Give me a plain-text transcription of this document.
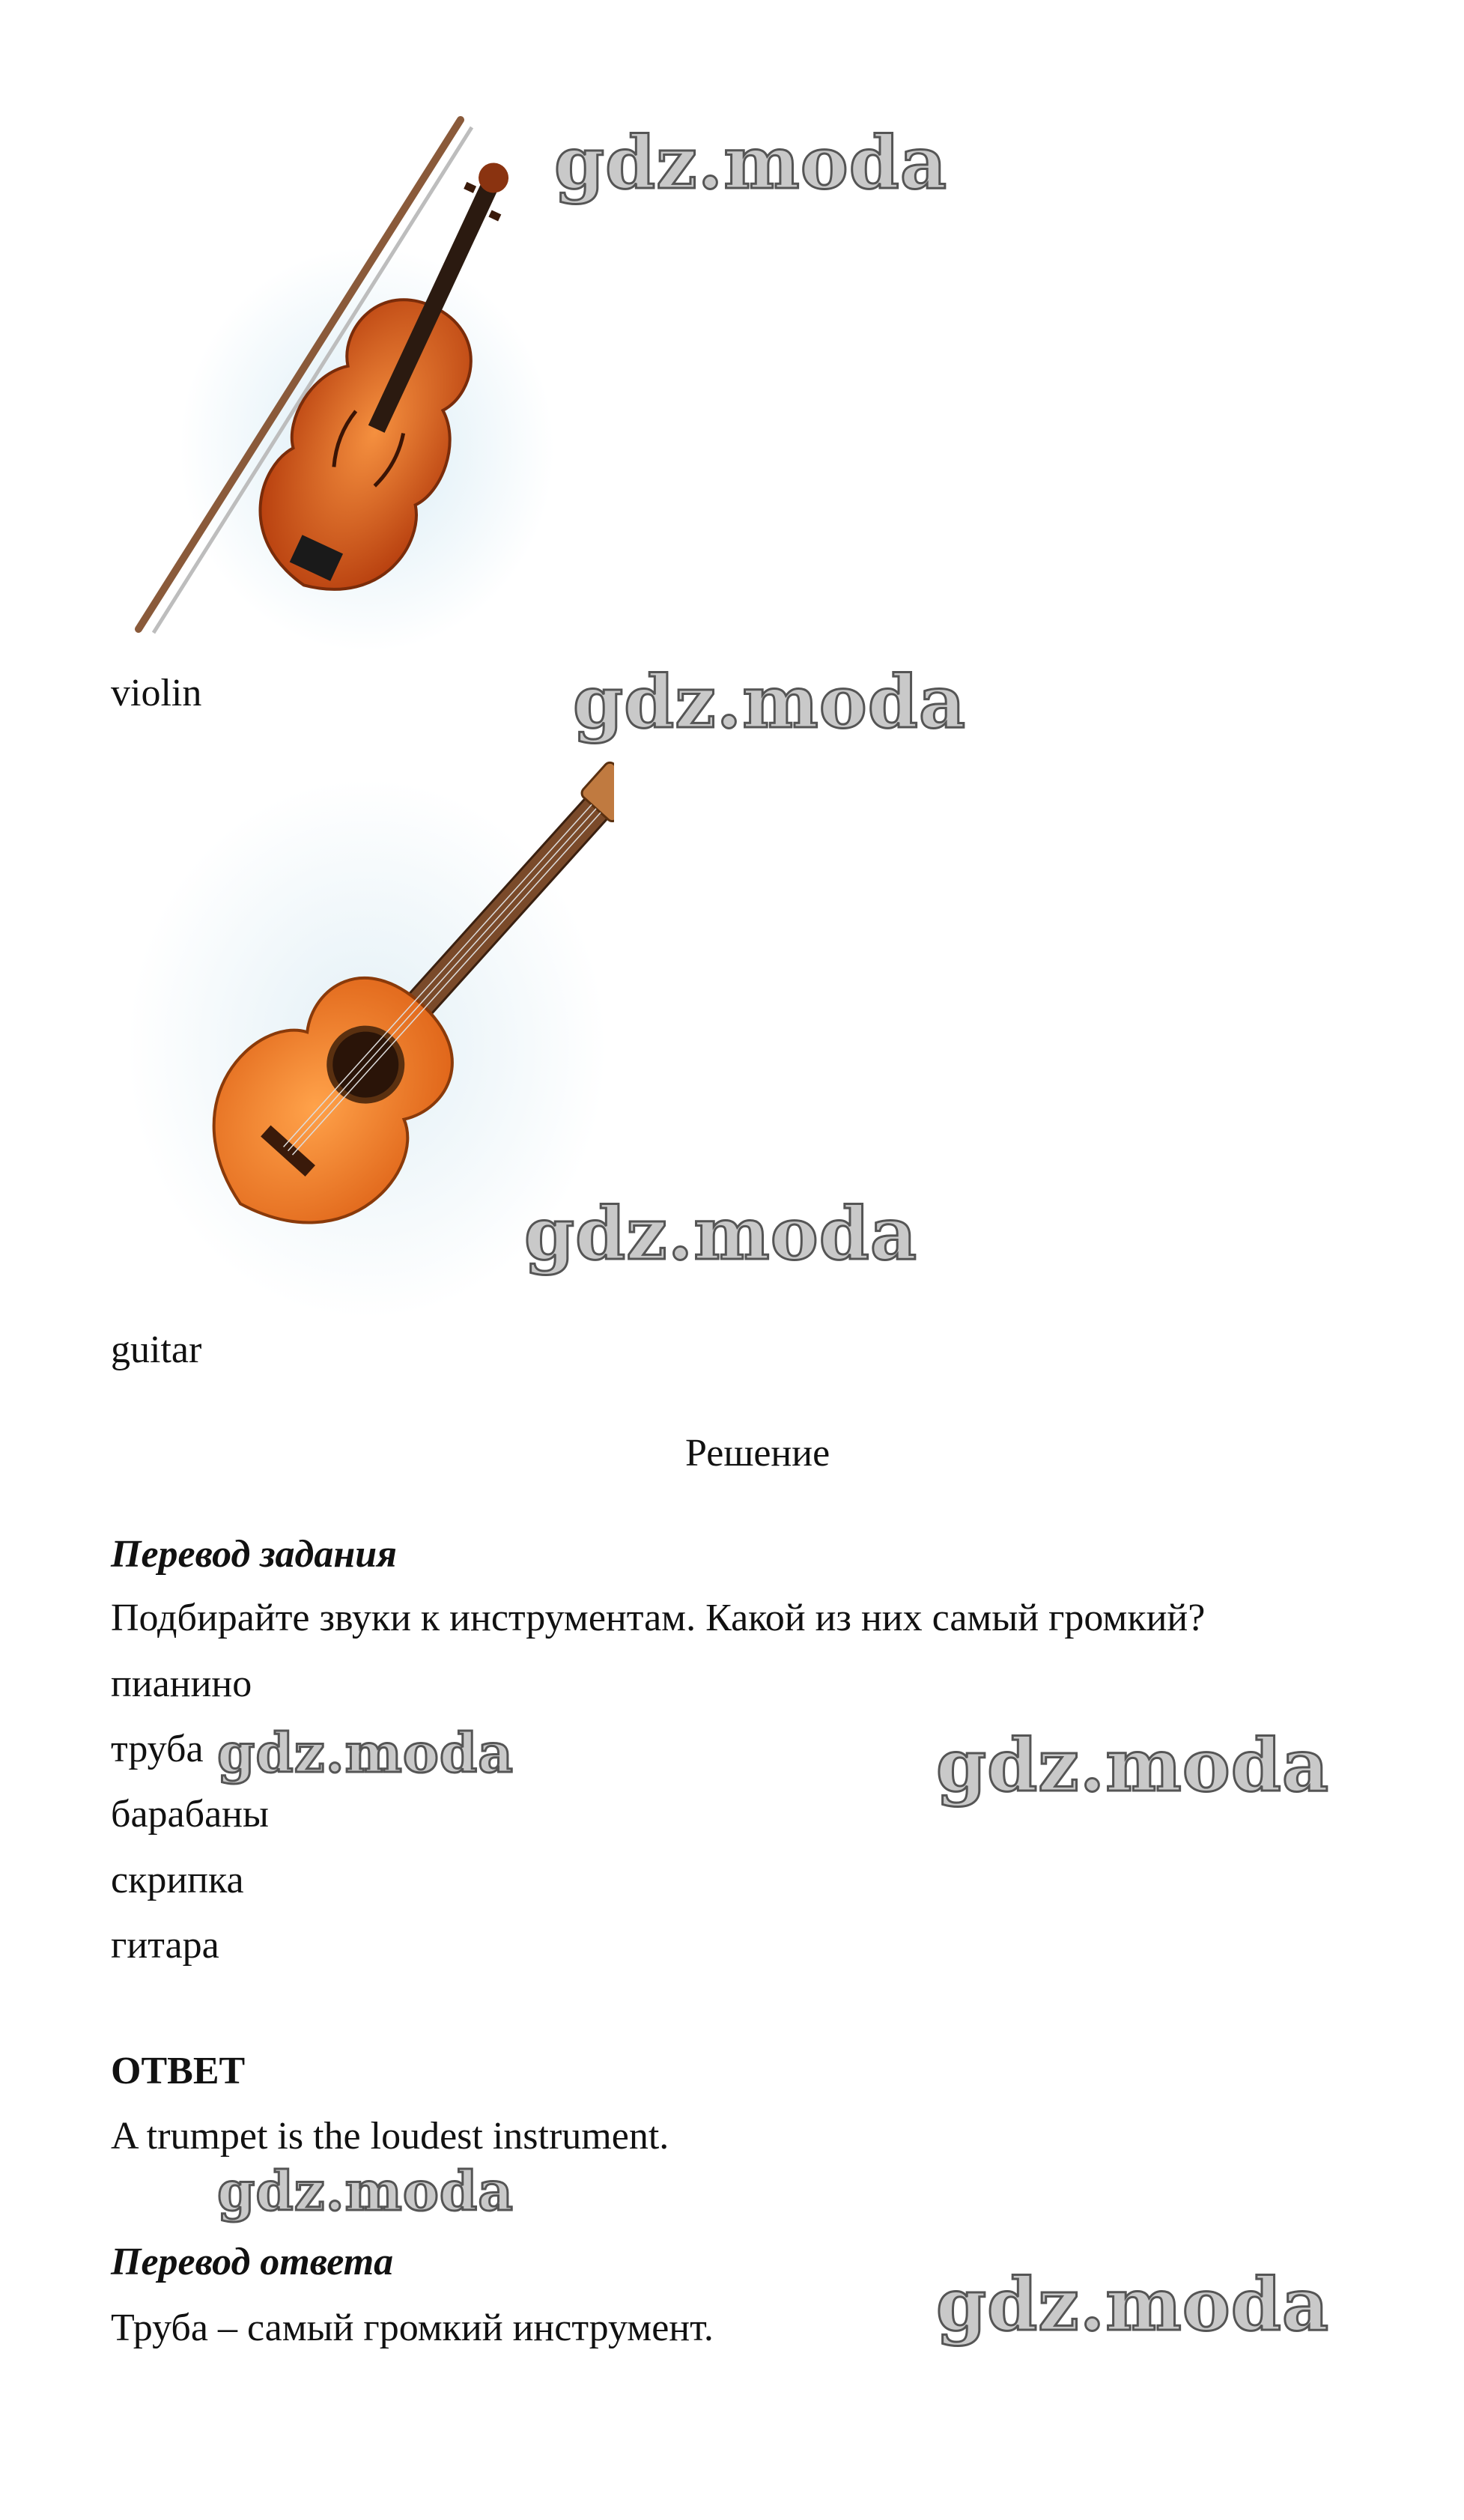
gdz.moda
violin	gdz.moda
gdz.moda
guitar
Решение
Перевод задания
Подбирайте звуки к инструментам. Какой из них самый громкий?
пианино
труба gdz.moda	gdz.moda
барабаны
скрипка
гитара
ОТВЕТ
A trumpet is the loudest instrument.
gdz.moda
Перевод ответа
Труба – самый громкий инструмент.	gdz.moda
